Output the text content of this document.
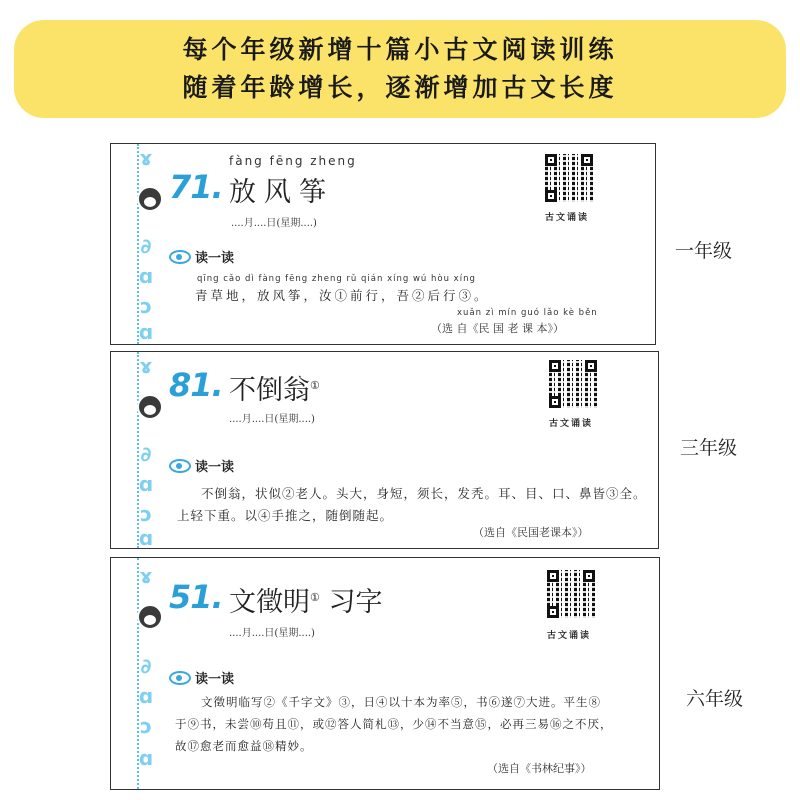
每个年级新增十篇小古文阅读训练
随着年龄增长，逐渐增加古文长度
ɤ
∂
ɑ
ɔ
ɑ
fàng fēng zheng
71. 放风筝
....月....日(星期....)	古文诵读
读一读
qīng cǎo dì fàng fēng zheng rǔ qián xíng wú hòu xíng
青草地，放风筝，汝①前行，吾②后行③。
xuǎn zì mín guó lǎo kè běn
（选 自《民 国 老 课 本》）
一年级
ɤ
∂
ɑ
ɔ
ɑ
81. 不倒翁①
....月....日(星期....)	古文诵读
读一读
不倒翁，状似②老人。头大，身短，须长，发秃。耳、目、口、鼻皆③全。
上轻下重。以④手推之，随倒随起。
（选自《民国老课本》）
三年级
ɤ
∂
ɑ
ɔ
ɑ
51. 文徵明① 习字
....月....日(星期....)	古文诵读
读一读
文徵明临写②《千字文》③，日④以十本为率⑤，书⑥遂⑦大进。平生⑧
于⑨书，未尝⑩苟且⑪，或⑫答人简札⑬，少⑭不当意⑮，必再三易⑯之不厌，
故⑰愈老而愈益⑱精妙。
（选自《书林纪事》）
六年级
